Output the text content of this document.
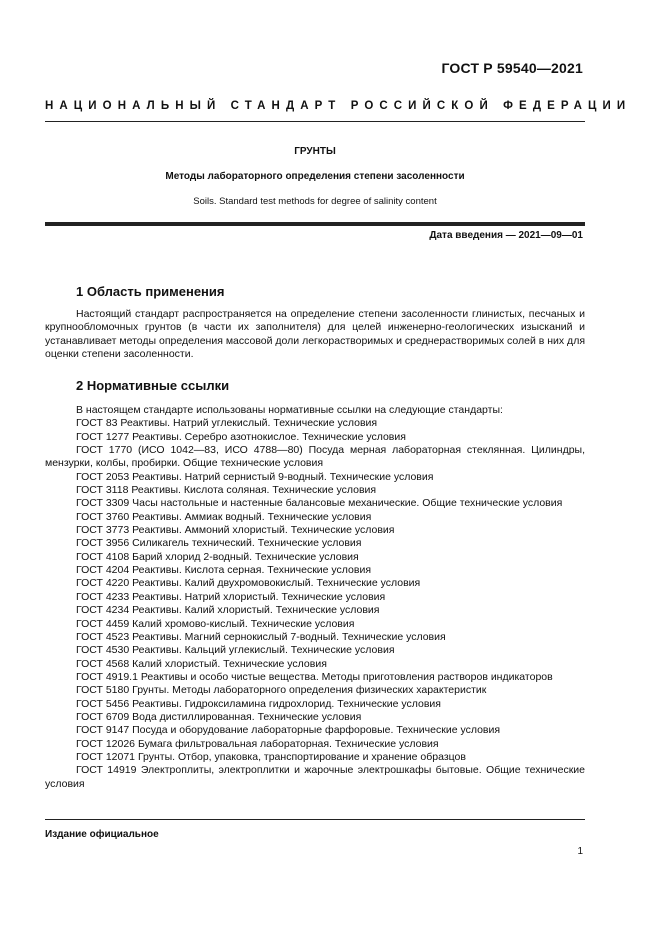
ГОСТ Р 59540—2021
НАЦИОНАЛЬНЫЙ СТАНДАРТ РОССИЙСКОЙ ФЕДЕРАЦИИ
ГРУНТЫ
Методы лабораторного определения степени засоленности
Soils. Standard test methods for degree of salinity content
Дата введения — 2021—09—01
1 Область применения
Настоящий стандарт распространяется на определение степени засоленности глинистых, песчаных и крупнообломочных грунтов (в части их заполнителя) для целей инженерно-геологических изысканий и устанавливает методы определения массовой доли легкорастворимых и среднерастворимых солей в них для оценки степени засоленности.
2 Нормативные ссылки
В настоящем стандарте использованы нормативные ссылки на следующие стандарты:
ГОСТ 83 Реактивы. Натрий углекислый. Технические условия
ГОСТ 1277 Реактивы. Серебро азотнокислое. Технические условия
ГОСТ 1770 (ИСО 1042—83, ИСО 4788—80) Посуда мерная лабораторная стеклянная. Цилиндры, мензурки, колбы, пробирки. Общие технические условия
ГОСТ 2053 Реактивы. Натрий сернистый 9-водный. Технические условия
ГОСТ 3118 Реактивы. Кислота соляная. Технические условия
ГОСТ 3309 Часы настольные и настенные балансовые механические. Общие технические условия
ГОСТ 3760 Реактивы. Аммиак водный. Технические условия
ГОСТ 3773 Реактивы. Аммоний хлористый. Технические условия
ГОСТ 3956 Силикагель технический. Технические условия
ГОСТ 4108 Барий хлорид 2-водный. Технические условия
ГОСТ 4204 Реактивы. Кислота серная. Технические условия
ГОСТ 4220 Реактивы. Калий двухромовокислый. Технические условия
ГОСТ 4233 Реактивы. Натрий хлористый. Технические условия
ГОСТ 4234 Реактивы. Калий хлористый. Технические условия
ГОСТ 4459 Калий хромово-кислый. Технические условия
ГОСТ 4523 Реактивы. Магний сернокислый 7-водный. Технические условия
ГОСТ 4530 Реактивы. Кальций углекислый. Технические условия
ГОСТ 4568 Калий хлористый. Технические условия
ГОСТ 4919.1 Реактивы и особо чистые вещества. Методы приготовления растворов индикаторов
ГОСТ 5180 Грунты. Методы лабораторного определения физических характеристик
ГОСТ 5456 Реактивы. Гидроксиламина гидрохлорид. Технические условия
ГОСТ 6709 Вода дистиллированная. Технические условия
ГОСТ 9147 Посуда и оборудование лабораторные фарфоровые. Технические условия
ГОСТ 12026 Бумага фильтровальная лабораторная. Технические условия
ГОСТ 12071 Грунты. Отбор, упаковка, транспортирование и хранение образцов
ГОСТ 14919 Электроплиты, электроплитки и жарочные электрошкафы бытовые. Общие технические условия
Издание официальное
1
